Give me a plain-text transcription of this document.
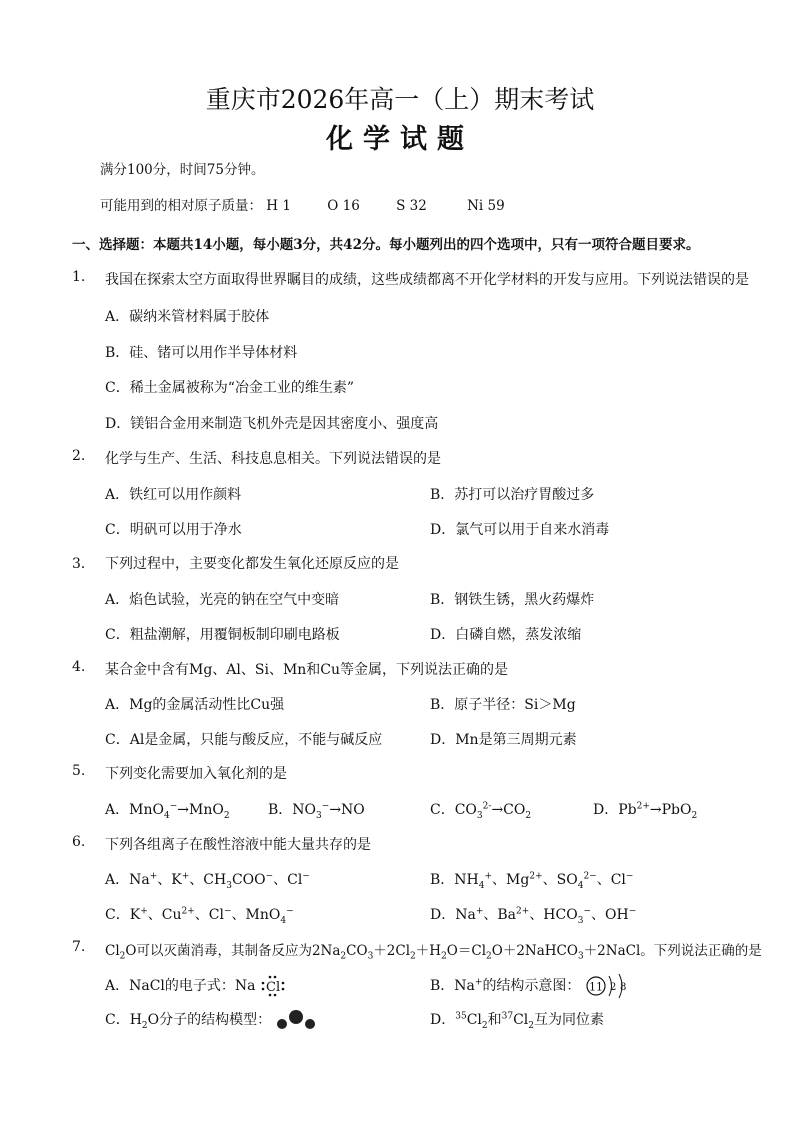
重庆市2026年高一（上）期末考试
化学试题
满分100分，时间75分钟。
可能用到的相对原子质量： H 1	O 16	S 32	Ni 59
一、选择题：本题共14小题，每小题3分，共42分。每小题列出的四个选项中，只有一项符合题目要求。
1. 我国在探索太空方面取得世界瞩目的成绩，这些成绩都离不开化学材料的开发与应用。下列说法错误的是
A．碳纳米管材料属于胶体
B．硅、锗可以用作半导体材料
C．稀土金属被称为“冶金工业的维生素”
D．镁铝合金用来制造飞机外壳是因其密度小、强度高
2. 化学与生产、生活、科技息息相关。下列说法错误的是
A．铁红可以用作颜料	B．苏打可以治疗胃酸过多
C．明矾可以用于净水	D．氯气可以用于自来水消毒
3． 下列过程中，主要变化都发生氧化还原反应的是
A．焰色试验，光亮的钠在空气中变暗	B．钢铁生锈，黑火药爆炸
C．粗盐潮解，用覆铜板制印刷电路板	D．白磷自燃，蒸发浓缩
4. 某合金中含有Mg、Al、Si、Mn和Cu等金属，下列说法正确的是
A．Mg的金属活动性比Cu强	B．原子半径：Si＞Mg
C．Al是金属，只能与酸反应，不能与碱反应	D．Mn是第三周期元素
5. 下列变化需要加入氧化剂的是
A．MnO$_4$−→MnO$_2$	B．$NO_3^-\to NO$	C．$CO_3^{2-}\to CO_2$	D．$Pb^{2+}\to PbO_2$
6. 下列各组离子在酸性溶液中能大量共存的是
A．Na+、K+、$CH_3COO^-$、Cl−	B．$NH_4^+$、$Mg^{2+}$、$SO_4^{2-}$、Cl−
C．K+、$Cu^{2+}$、Cl−、MnO$_4$−	D．Na+、$Ba^{2+}$、$HCO_3^-$、OH−
7. $Cl_2O$可以灭菌消毒，其制备反应为$2Na_2CO_3+2Cl_2+H_2O=Cl_2O+2NaHCO_3+2NaCl$。下列说法正确的是
A．NaCl的电子式：Na Cl	B．Na+的结构示意图： 11 2 8
C．$H_2O$分子的结构模型：	D．$^{35}Cl_2$和$^{37}Cl_2$互为同位素
